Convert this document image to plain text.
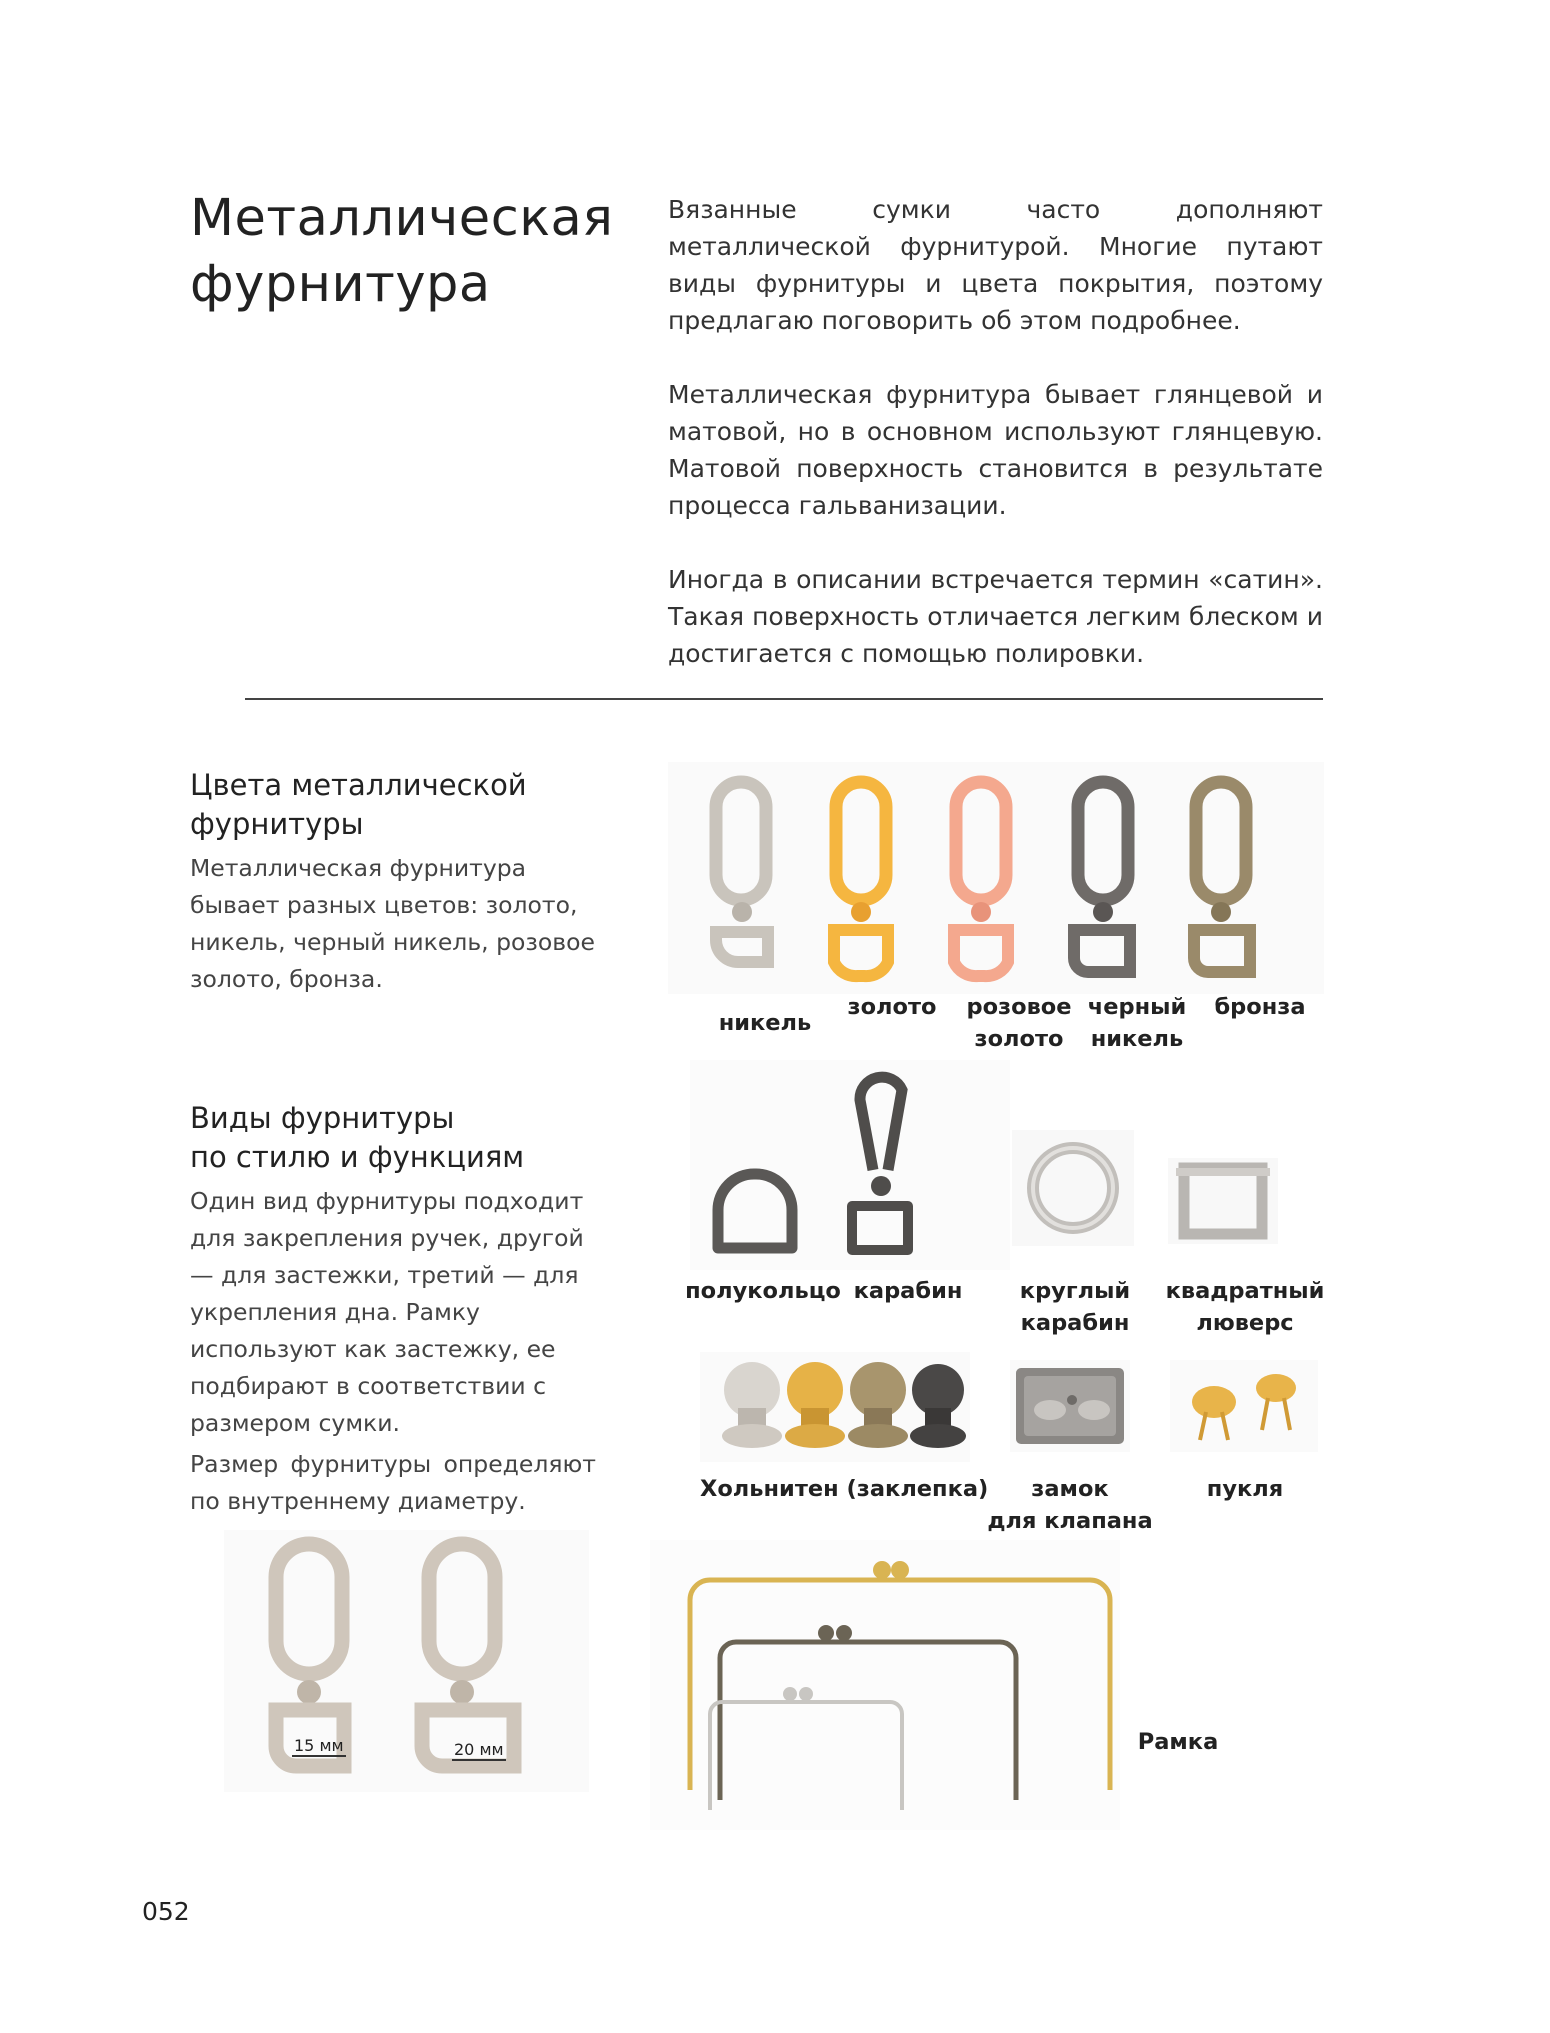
Металлическая
фурнитура

Вязанные сумки часто дополняют металлической фурнитурой. Многие путают виды фурнитуры и цвета покрытия, поэтому предлагаю поговорить об этом подробнее.

Металлическая фурнитура бывает глянцевой и матовой, но в основном используют глянцевую. Матовой поверхность становится в результате процесса гальванизации.

Иногда в описании встречается термин «сатин». Такая поверхность отличается легким блеском и достигается с помощью полировки.

Цвета металлической
фурнитуры
Металлическая фурнитура бывает разных цветов: золото, никель, черный никель, розовое золото, бронза.
никель
золото	розовое
золото
черный
никель
бронза
Виды фурнитуры
по стилю и функциям
Один вид фурнитуры подходит для закрепления ручек, другой — для застежки, третий — для укрепления дна. Рамку используют как застежку, ее подбирают в соответствии с размером сумки.
Размер фурнитуры определяют по внутреннему диаметру.
15 мм	20 мм
полукольцо карабин	круглый
карабин
квадратный
люверс
Хольнитен (заклепка)	замок
для клапана
пукля
Рамка
052
